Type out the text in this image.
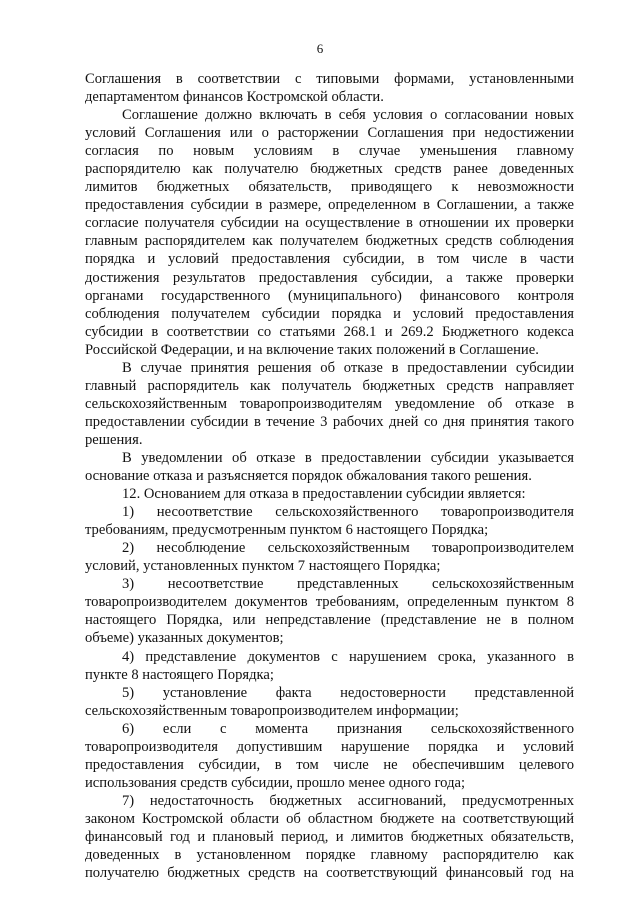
6
Соглашения в соответствии с типовыми формами, установленными
департаментом финансов Костромской области.
Соглашение должно включать в себя условия о согласовании новых
условий Соглашения или о расторжении Соглашения при недостижении
согласия по новым условиям в случае уменьшения главному
распорядителю как получателю бюджетных средств ранее доведенных
лимитов бюджетных обязательств, приводящего к невозможности
предоставления субсидии в размере, определенном в Соглашении, а также
согласие получателя субсидии на осуществление в отношении их проверки
главным распорядителем как получателем бюджетных средств соблюдения
порядка и условий предоставления субсидии, в том числе в части
достижения результатов предоставления субсидии, а также проверки
органами государственного (муниципального) финансового контроля
соблюдения получателем субсидии порядка и условий предоставления
субсидии в соответствии со статьями 268.1 и 269.2 Бюджетного кодекса
Российской Федерации, и на включение таких положений в Соглашение.
В случае принятия решения об отказе в предоставлении субсидии
главный распорядитель как получатель бюджетных средств направляет
сельскохозяйственным товаропроизводителям уведомление об отказе в
предоставлении субсидии в течение 3 рабочих дней со дня принятия такого
решения.
В уведомлении об отказе в предоставлении субсидии указывается
основание отказа и разъясняется порядок обжалования такого решения.
12. Основанием для отказа в предоставлении субсидии является:
1) несоответствие сельскохозяйственного товаропроизводителя
требованиям, предусмотренным пунктом 6 настоящего Порядка;
2) несоблюдение сельскохозяйственным товаропроизводителем
условий, установленных пунктом 7 настоящего Порядка;
3) несоответствие представленных сельскохозяйственным
товаропроизводителем документов требованиям, определенным пунктом 8
настоящего Порядка, или непредставление (представление не в полном
объеме) указанных документов;
4) представление документов с нарушением срока, указанного в
пункте 8 настоящего Порядка;
5) установление факта недостоверности представленной
сельскохозяйственным товаропроизводителем информации;
6) если с момента признания сельскохозяйственного
товаропроизводителя допустившим нарушение порядка и условий
предоставления субсидии, в том числе не обеспечившим целевого
использования средств субсидии, прошло менее одного года;
7) недостаточность бюджетных ассигнований, предусмотренных
законом Костромской области об областном бюджете на соответствующий
финансовый год и плановый период, и лимитов бюджетных обязательств,
доведенных в установленном порядке главному распорядителю как
получателю бюджетных средств на соответствующий финансовый год на
